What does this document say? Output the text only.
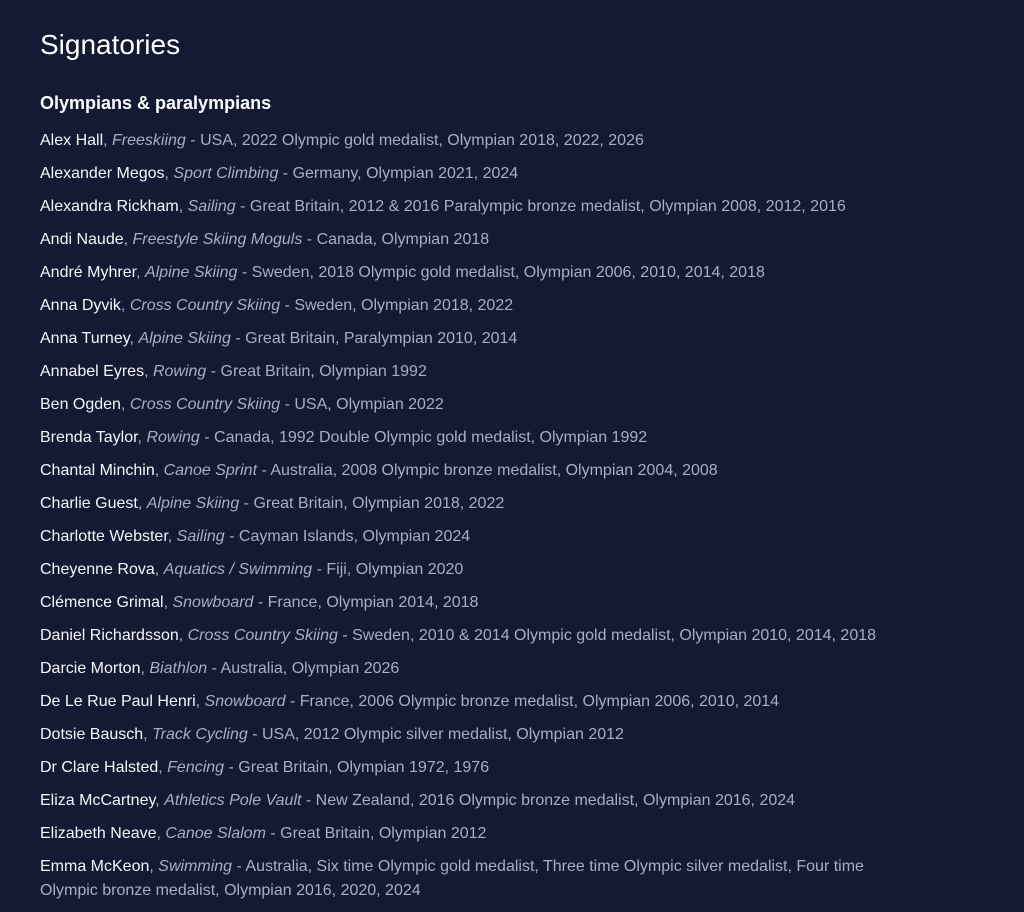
Signatories
Olympians & paralympians
Alex Hall, Freeskiing - USA, 2022 Olympic gold medalist, Olympian 2018, 2022, 2026
Alexander Megos, Sport Climbing - Germany, Olympian 2021, 2024
Alexandra Rickham, Sailing - Great Britain, 2012 & 2016 Paralympic bronze medalist, Olympian 2008, 2012, 2016
Andi Naude, Freestyle Skiing Moguls - Canada, Olympian 2018
André Myhrer, Alpine Skiing - Sweden, 2018 Olympic gold medalist, Olympian 2006, 2010, 2014, 2018
Anna Dyvik, Cross Country Skiing - Sweden, Olympian 2018, 2022
Anna Turney, Alpine Skiing - Great Britain, Paralympian 2010, 2014
Annabel Eyres, Rowing - Great Britain, Olympian 1992
Ben Ogden, Cross Country Skiing - USA, Olympian 2022
Brenda Taylor, Rowing - Canada, 1992 Double Olympic gold medalist, Olympian 1992
Chantal Minchin, Canoe Sprint - Australia, 2008 Olympic bronze medalist, Olympian 2004, 2008
Charlie Guest, Alpine Skiing - Great Britain, Olympian 2018, 2022
Charlotte Webster, Sailing - Cayman Islands, Olympian 2024
Cheyenne Rova, Aquatics / Swimming - Fiji, Olympian 2020
Clémence Grimal, Snowboard - France, Olympian 2014, 2018
Daniel Richardsson, Cross Country Skiing - Sweden, 2010 & 2014 Olympic gold medalist, Olympian 2010, 2014, 2018
Darcie Morton, Biathlon - Australia, Olympian 2026
De Le Rue Paul Henri, Snowboard - France, 2006 Olympic bronze medalist, Olympian 2006, 2010, 2014
Dotsie Bausch, Track Cycling - USA, 2012 Olympic silver medalist, Olympian 2012
Dr Clare Halsted, Fencing - Great Britain, Olympian 1972, 1976
Eliza McCartney, Athletics Pole Vault - New Zealand, 2016 Olympic bronze medalist, Olympian 2016, 2024
Elizabeth Neave, Canoe Slalom - Great Britain, Olympian 2012
Emma McKeon, Swimming - Australia, Six time Olympic gold medalist, Three time Olympic silver medalist, Four time Olympic bronze medalist, Olympian 2016, 2020, 2024
